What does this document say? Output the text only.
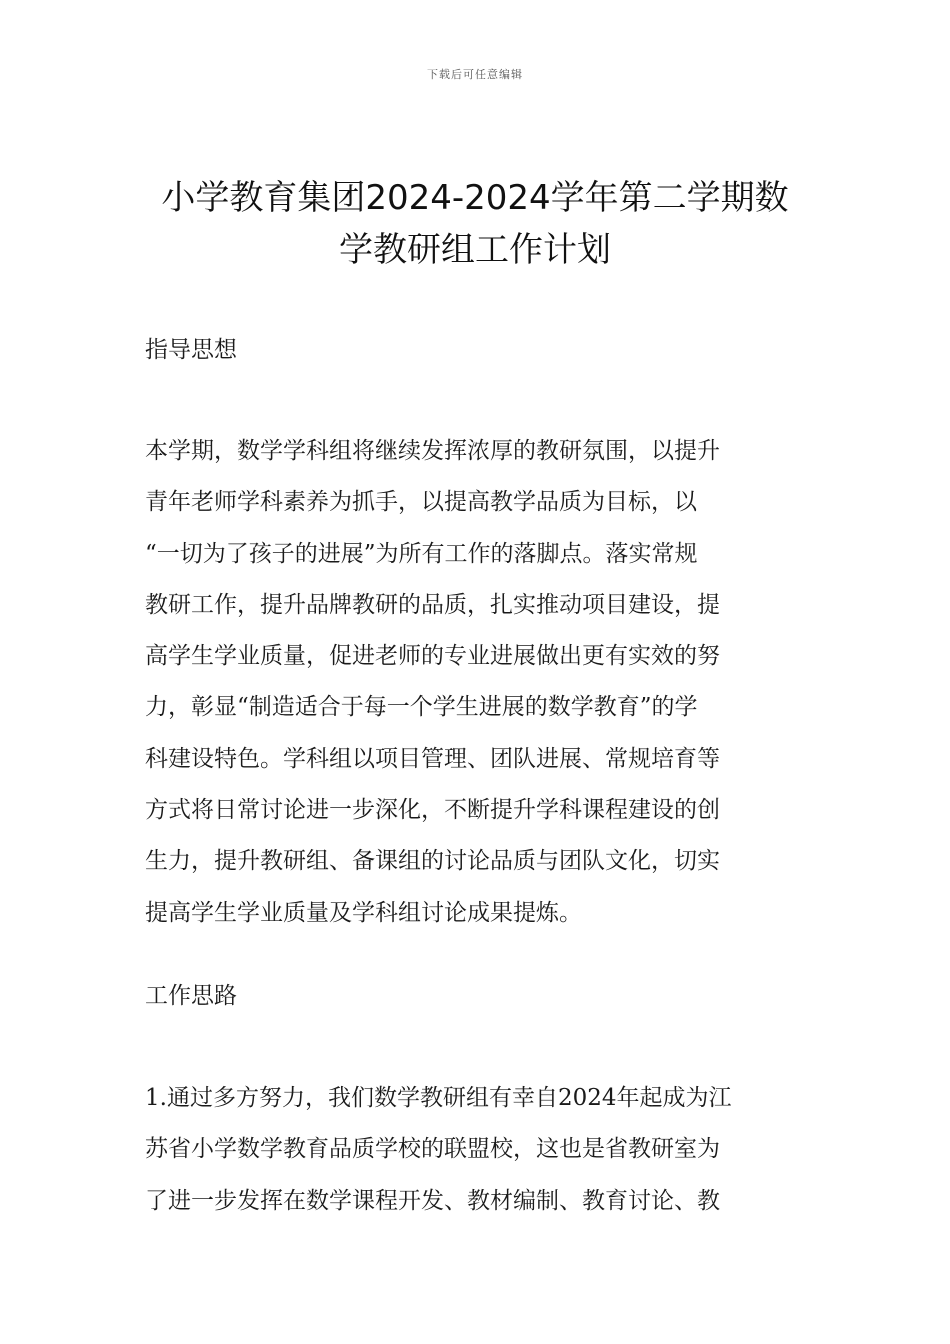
下载后可任意编辑
小学教育集团2024-2024学年第二学期数
学教研组工作计划
指导思想
本学期，数学学科组将继续发挥浓厚的教研氛围，以提升
青年老师学科素养为抓手，以提高教学品质为目标，以
“一切为了孩子的进展”为所有工作的落脚点。落实常规
教研工作，提升品牌教研的品质，扎实推动项目建设，提
高学生学业质量，促进老师的专业进展做出更有实效的努
力，彰显“制造适合于每一个学生进展的数学教育”的学
科建设特色。学科组以项目管理、团队进展、常规培育等
方式将日常讨论进一步深化，不断提升学科课程建设的创
生力，提升教研组、备课组的讨论品质与团队文化，切实
提高学生学业质量及学科组讨论成果提炼。
工作思路
1.通过多方努力，我们数学教研组有幸自2024年起成为江
苏省小学数学教育品质学校的联盟校，这也是省教研室为
了进一步发挥在数学课程开发、教材编制、教育讨论、教
